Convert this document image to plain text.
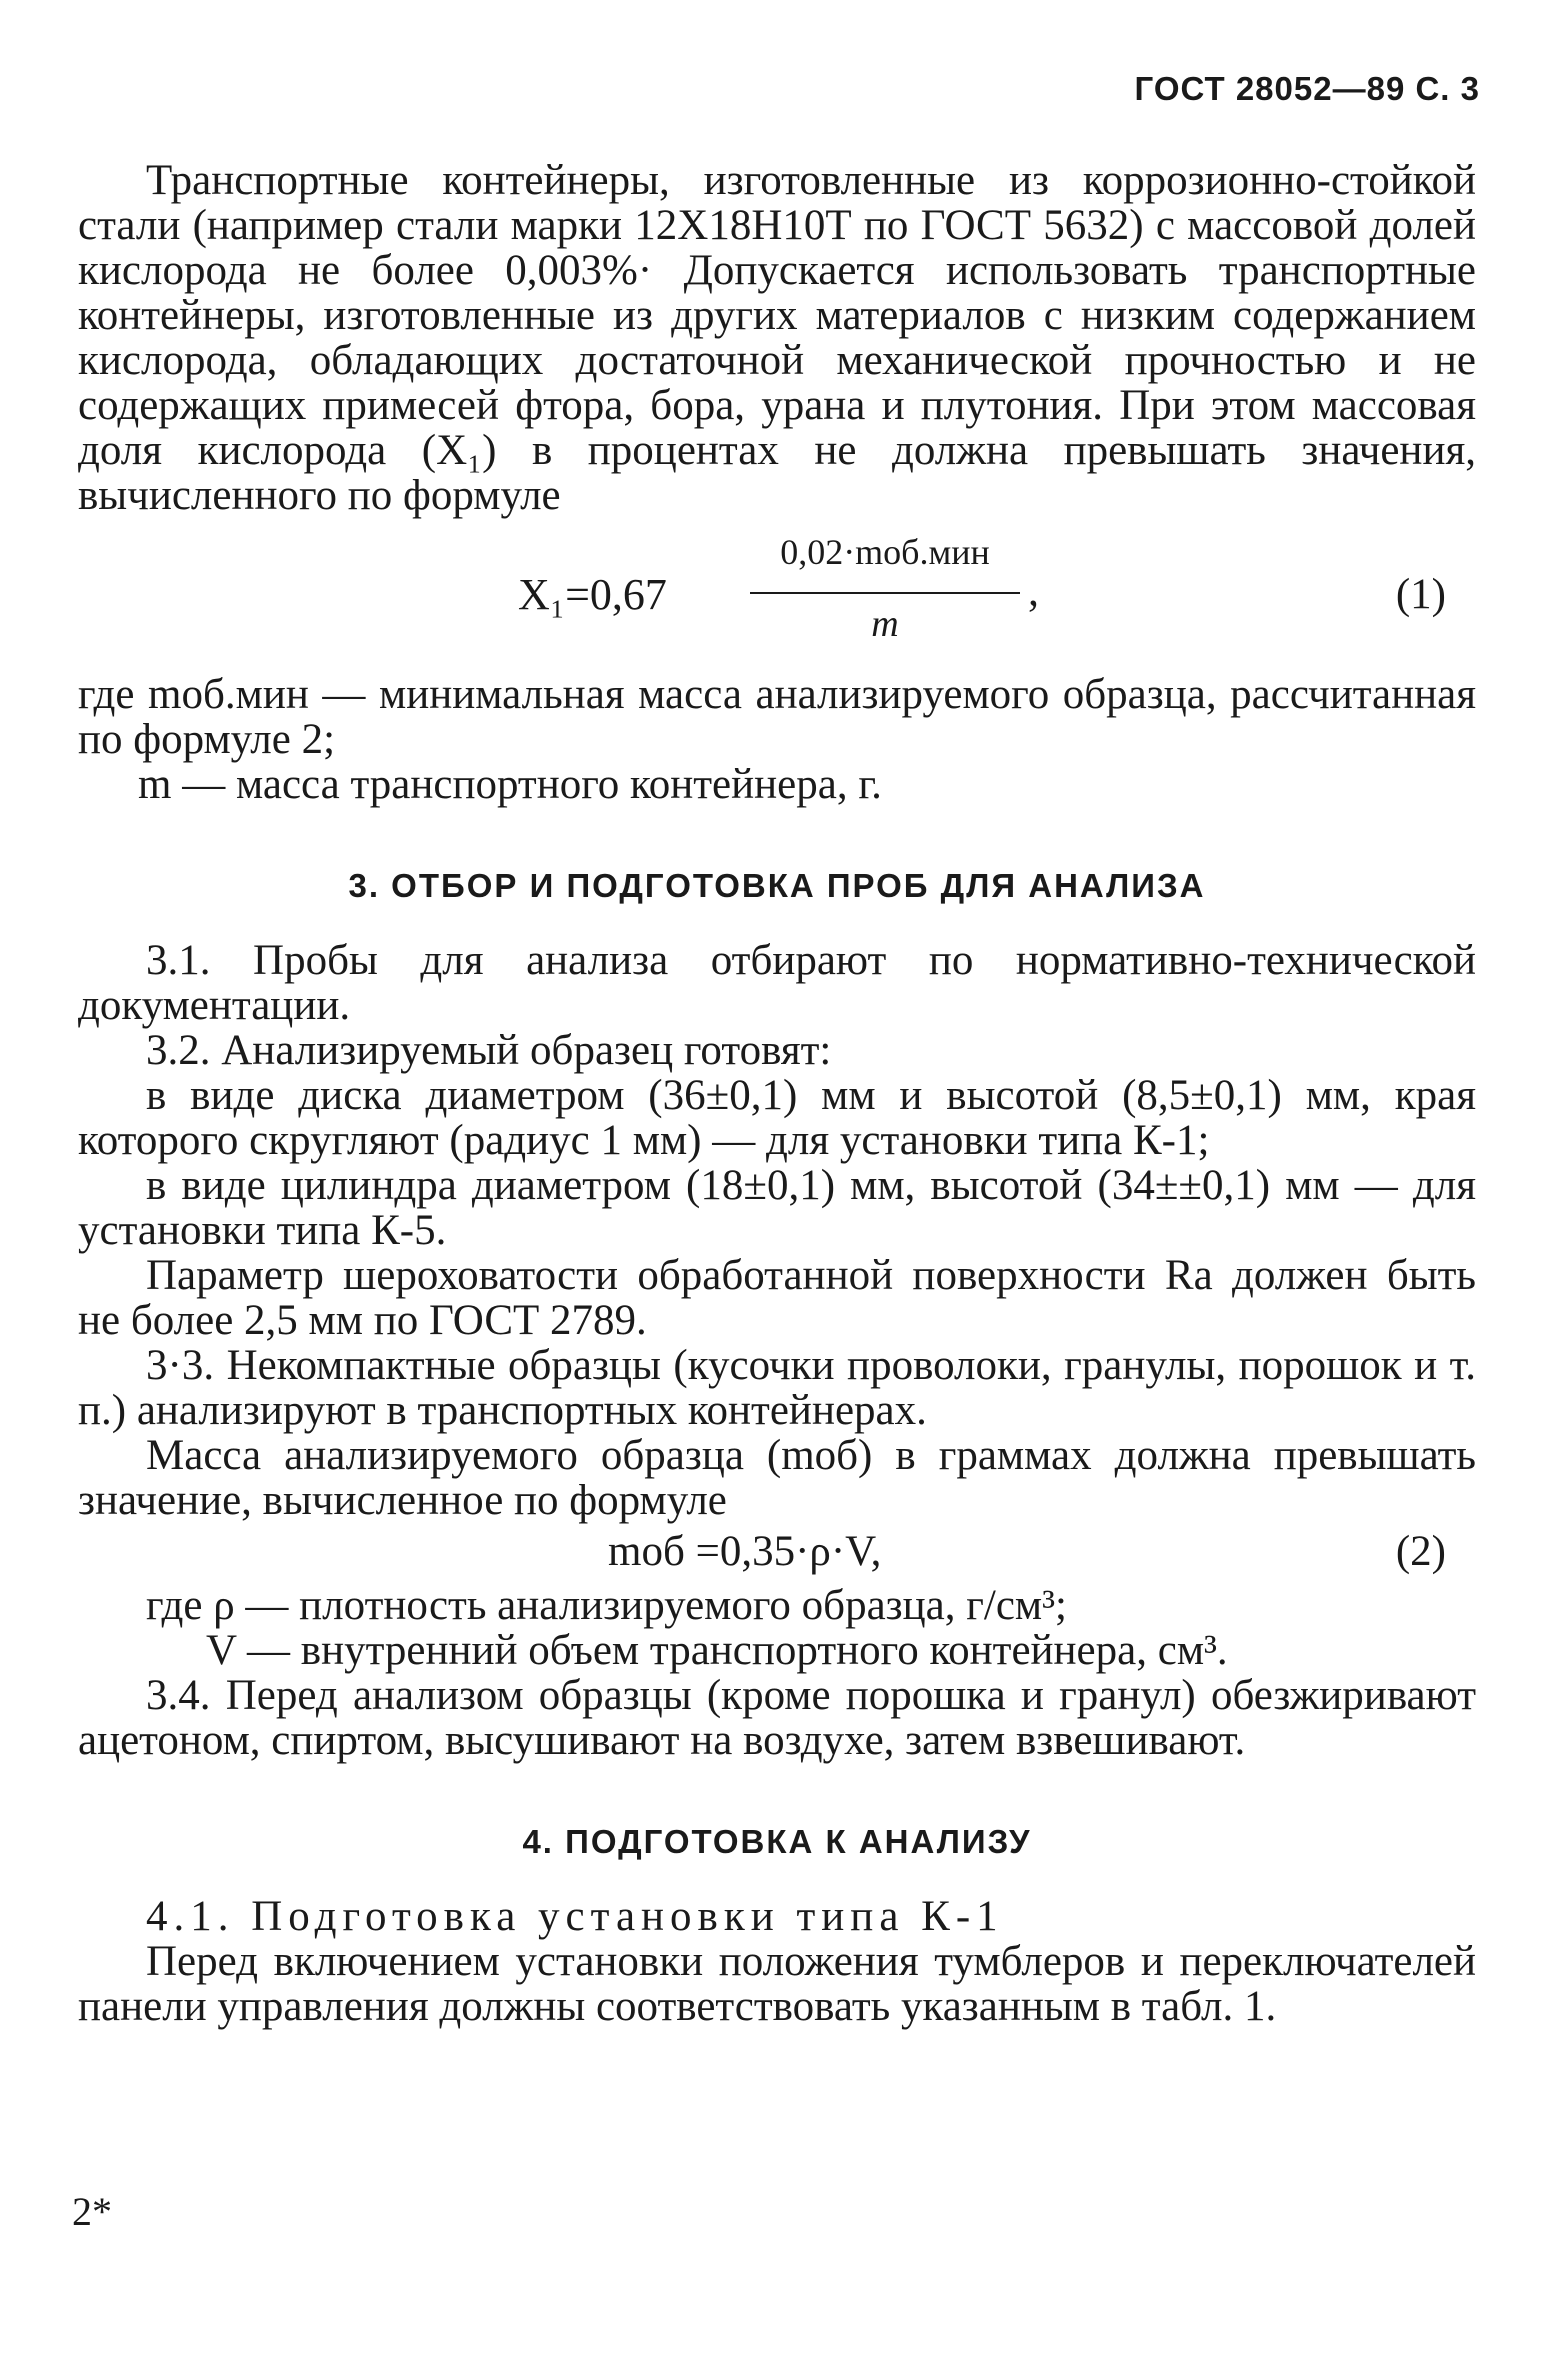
ГОСТ 28052—89 С. 3

Транспортные контейнеры, изготовленные из коррозионно-стойкой стали (например стали марки 12Х18Н10Т по ГОСТ 5632) с массовой долей кислорода не более 0,003%· Допускается использовать транспортные контейнеры, изготовленные из других материалов с низким содержанием кислорода, обладающих достаточной механической прочностью и не содержащих примесей фтора, бора, урана и плутония. При этом массовая доля кислорода (X₁) в процентах не должна превышать значения, вычисленного по формуле

X₁=0,67
0,02·mоб.мин
m
,	(1)

где mоб.мин — минимальная масса анализируемого образца, рассчитанная по формуле 2;

m — масса транспортного контейнера, г.

3. ОТБОР И ПОДГОТОВКА ПРОБ ДЛЯ АНАЛИЗА

3.1. Пробы для анализа отбирают по нормативно-технической документации.

3.2. Анализируемый образец готовят:

в виде диска диаметром (36±0,1) мм и высотой (8,5±0,1) мм, края которого скругляют (радиус 1 мм) — для установки типа К-1;

в виде цилиндра диаметром (18±0,1) мм, высотой (34±±0,1) мм — для установки типа К-5.

Параметр шероховатости обработанной поверхности Ra должен быть не более 2,5 мм по ГОСТ 2789.

3·3. Некомпактные образцы (кусочки проволоки, гранулы, порошок и т. п.) анализируют в транспортных контейнерах.

Масса анализируемого образца (mоб) в граммах должна превышать значение, вычисленное по формуле

mоб =0,35·ρ·V,	(2)

где ρ — плотность анализируемого образца, г/см³;

V — внутренний объем транспортного контейнера, см³.

3.4. Перед анализом образцы (кроме порошка и гранул) обезжиривают ацетоном, спиртом, высушивают на воздухе, затем взвешивают.

4. ПОДГОТОВКА К АНАЛИЗУ

4.1. Подготовка установки типа К-1

Перед включением установки положения тумблеров и переключателей панели управления должны соответствовать указанным в табл. 1.

2*
